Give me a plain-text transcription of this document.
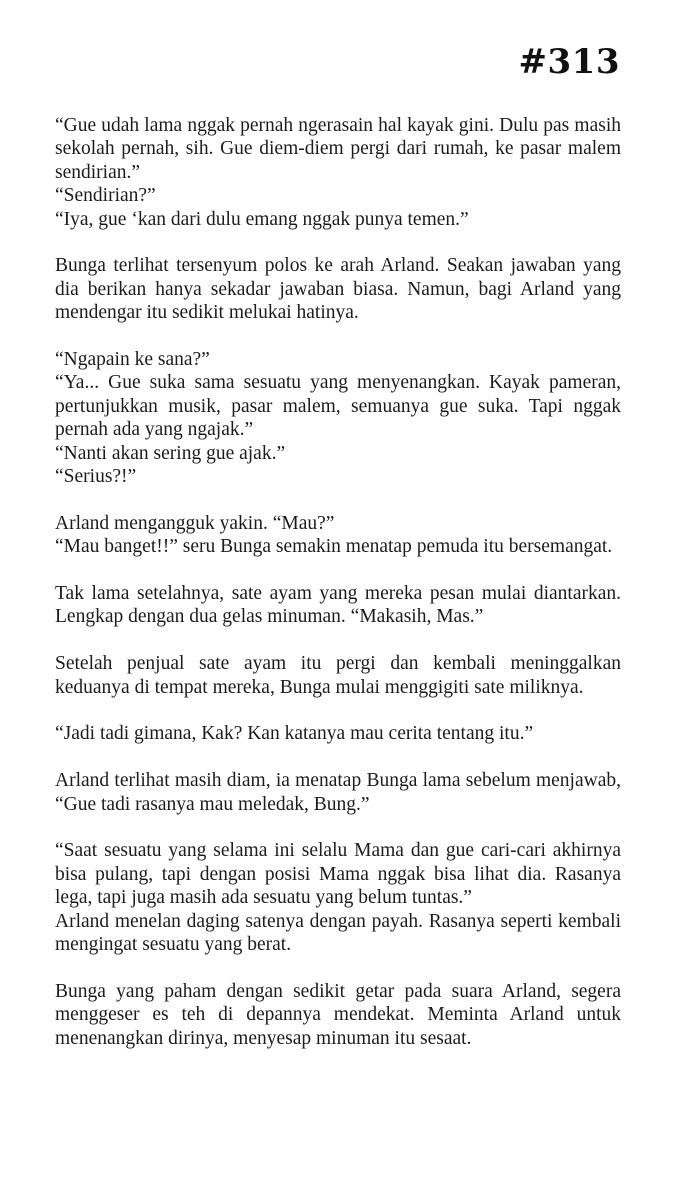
#313
“Gue udah lama nggak pernah ngerasain hal kayak gini. Dulu pas masih sekolah pernah, sih. Gue diem-diem pergi dari rumah, ke pasar malem sendirian.”
“Sendirian?”
“Iya, gue ‘kan dari dulu emang nggak punya temen.”
Bunga terlihat tersenyum polos ke arah Arland. Seakan jawaban yang dia berikan hanya sekadar jawaban biasa. Namun, bagi Arland yang mendengar itu sedikit melukai hatinya.
“Ngapain ke sana?”
“Ya... Gue suka sama sesuatu yang menyenangkan. Kayak pameran, pertunjukkan musik, pasar malem, semuanya gue suka. Tapi nggak pernah ada yang ngajak.”
“Nanti akan sering gue ajak.”
“Serius?!”
Arland mengangguk yakin. “Mau?”
“Mau banget!!” seru Bunga semakin menatap pemuda itu bersemangat.
Tak lama setelahnya, sate ayam yang mereka pesan mulai diantarkan. Lengkap dengan dua gelas minuman. “Makasih, Mas.”
Setelah penjual sate ayam itu pergi dan kembali meninggalkan keduanya di tempat mereka, Bunga mulai menggigiti sate miliknya.
“Jadi tadi gimana, Kak? Kan katanya mau cerita tentang itu.”
Arland terlihat masih diam, ia menatap Bunga lama sebelum menjawab, “Gue tadi rasanya mau meledak, Bung.”
“Saat sesuatu yang selama ini selalu Mama dan gue cari-cari akhirnya bisa pulang, tapi dengan posisi Mama nggak bisa lihat dia. Rasanya lega, tapi juga masih ada sesuatu yang belum tuntas.”
Arland menelan daging satenya dengan payah. Rasanya seperti kembali mengingat sesuatu yang berat.
Bunga yang paham dengan sedikit getar pada suara Arland, segera menggeser es teh di depannya mendekat. Meminta Arland untuk menenangkan dirinya, menyesap minuman itu sesaat.
